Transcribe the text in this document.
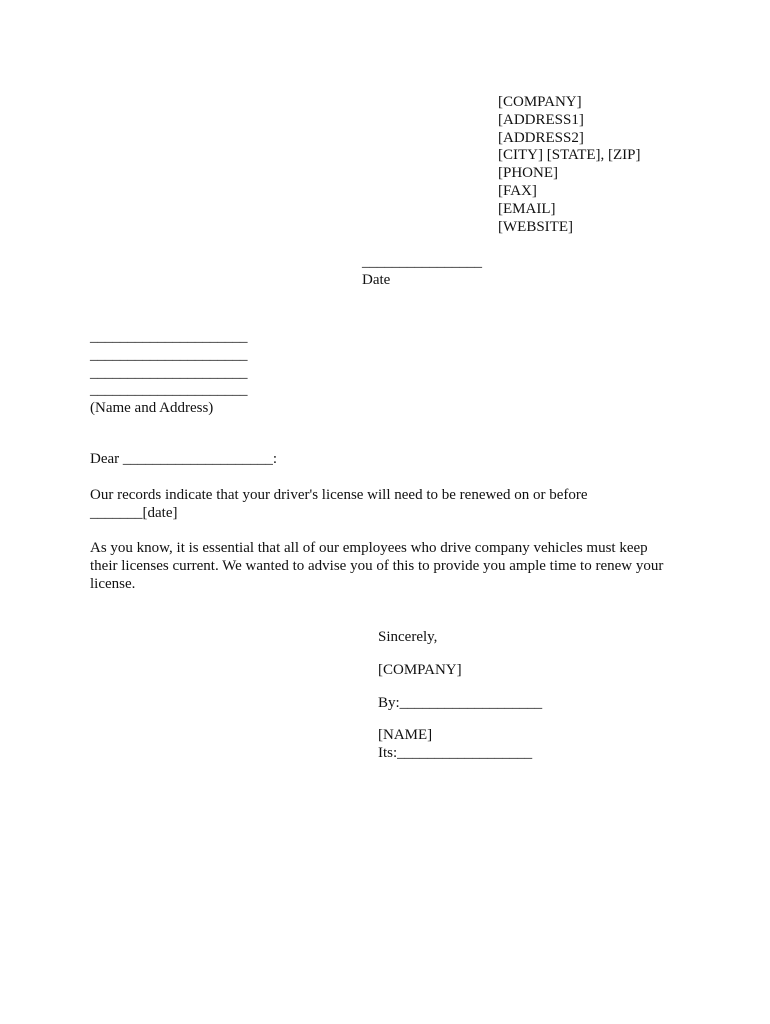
[COMPANY]
[ADDRESS1]
[ADDRESS2]
[CITY] [STATE], [ZIP]
[PHONE]
[FAX]
[EMAIL]
[WEBSITE]
________________
Date
_____________________
_____________________
_____________________
_____________________
(Name and Address)
Dear ____________________:
Our records indicate that your driver's license will need to be renewed on or before
_______[date]
As you know, it is essential that all of our employees who drive company vehicles must keep
their licenses current. We wanted to advise you of this to provide you ample time to renew your
license.
Sincerely,
[COMPANY]
By:___________________
[NAME]
Its:__________________
